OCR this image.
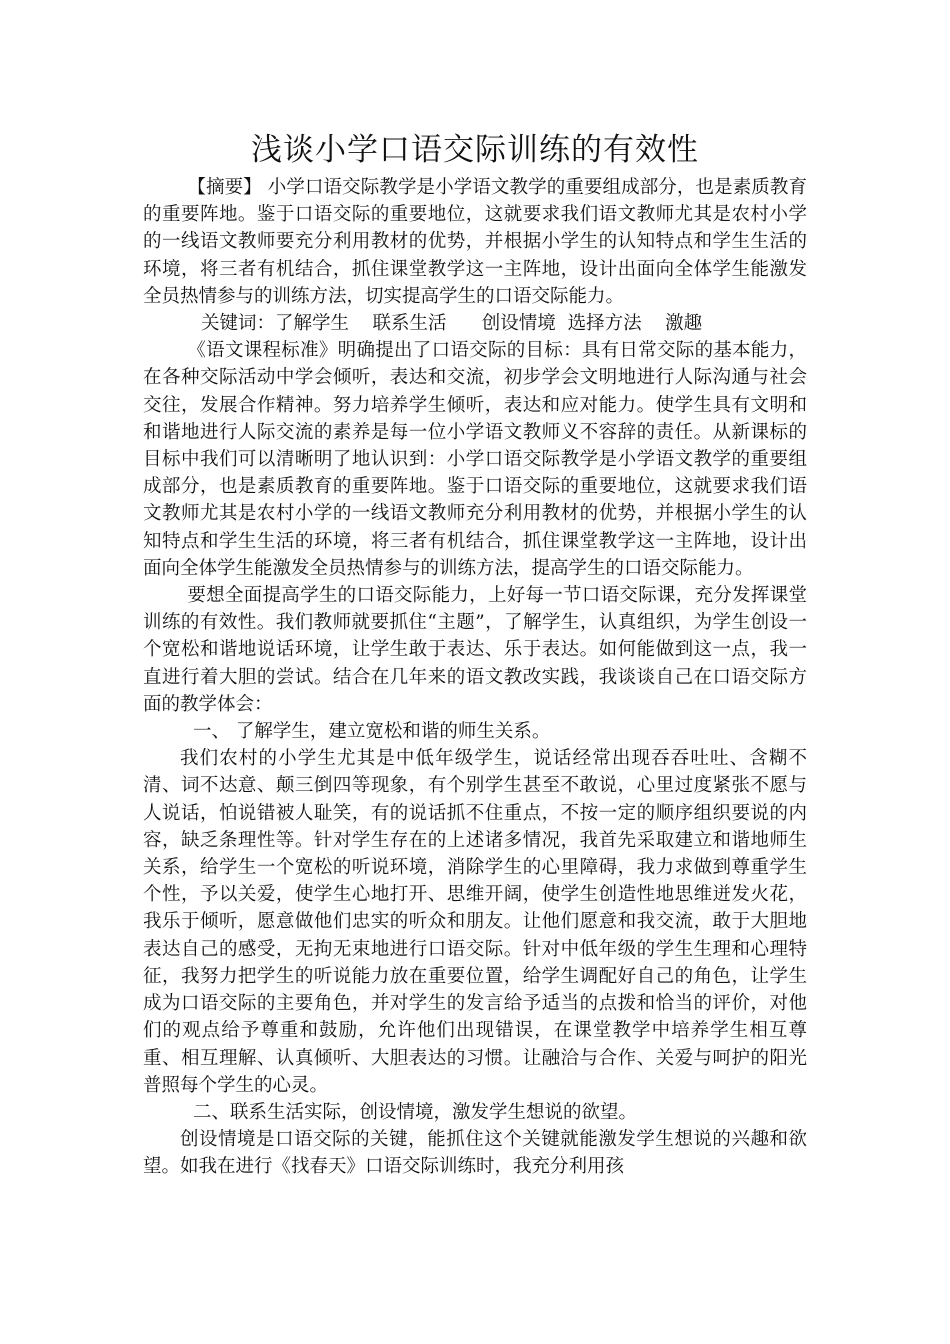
浅谈小学口语交际训练的有效性

【摘要】 小学口语交际教学是小学语文教学的重要组成部分，也是素质教育的重要阵地。鉴于口语交际的重要地位，这就要求我们语文教师尤其是农村小学的一线语文教师要充分利用教材的优势，并根据小学生的认知特点和学生生活的环境，将三者有机结合，抓住课堂教学这一主阵地，设计出面向全体学生能激发全员热情参与的训练方法，切实提高学生的口语交际能力。

关键词：了解学生    联系生活      创设情境  选择方法    激趣

《语文课程标准》明确提出了口语交际的目标：具有日常交际的基本能力，在各种交际活动中学会倾听，表达和交流，初步学会文明地进行人际沟通与社会交往，发展合作精神。努力培养学生倾听，表达和应对能力。使学生具有文明和和谐地进行人际交流的素养是每一位小学语文教师义不容辞的责任。从新课标的目标中我们可以清晰明了地认识到：小学口语交际教学是小学语文教学的重要组成部分，也是素质教育的重要阵地。鉴于口语交际的重要地位，这就要求我们语文教师尤其是农村小学的一线语文教师充分利用教材的优势，并根据小学生的认知特点和学生生活的环境，将三者有机结合，抓住课堂教学这一主阵地，设计出面向全体学生能激发全员热情参与的训练方法，提高学生的口语交际能力。

要想全面提高学生的口语交际能力，上好每一节口语交际课，充分发挥课堂训练的有效性。我们教师就要抓住“主题”，了解学生，认真组织，为学生创设一个宽松和谐地说话环境，让学生敢于表达、乐于表达。如何能做到这一点，我一直进行着大胆的尝试。结合在几年来的语文教改实践，我谈谈自己在口语交际方面的教学体会：

一、 了解学生，建立宽松和谐的师生关系。

我们农村的小学生尤其是中低年级学生，说话经常出现吞吞吐吐、含糊不清、词不达意、颠三倒四等现象，有个别学生甚至不敢说，心里过度紧张不愿与人说话，怕说错被人耻笑，有的说话抓不住重点，不按一定的顺序组织要说的内容，缺乏条理性等。针对学生存在的上述诸多情况，我首先采取建立和谐地师生关系，给学生一个宽松的听说环境，消除学生的心里障碍，我力求做到尊重学生个性，予以关爱，使学生心地打开、思维开阔，使学生创造性地思维迸发火花，我乐于倾听，愿意做他们忠实的听众和朋友。让他们愿意和我交流，敢于大胆地表达自己的感受，无拘无束地进行口语交际。针对中低年级的学生生理和心理特征，我努力把学生的听说能力放在重要位置，给学生调配好自己的角色，让学生成为口语交际的主要角色，并对学生的发言给予适当的点拨和恰当的评价，对他们的观点给予尊重和鼓励，允许他们出现错误，在课堂教学中培养学生相互尊重、相互理解、认真倾听、大胆表达的习惯。让融洽与合作、关爱与呵护的阳光普照每个学生的心灵。

二、联系生活实际，创设情境，激发学生想说的欲望。

创设情境是口语交际的关键，能抓住这个关键就能激发学生想说的兴趣和欲望。如我在进行《找春天》口语交际训练时，我充分利用孩
